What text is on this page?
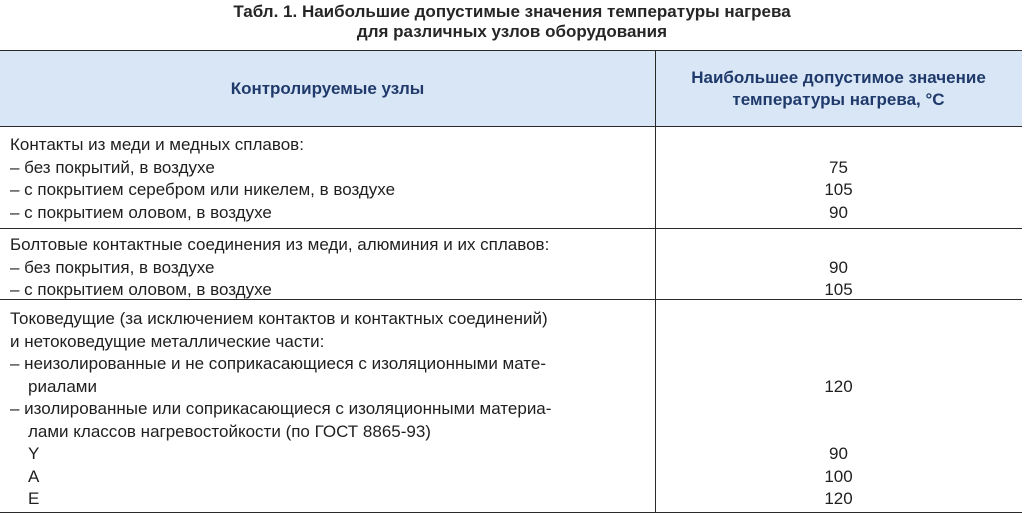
Табл. 1. Наибольшие допустимые значения температуры нагрева
для различных узлов оборудования
Контролируемые узлы
Наибольшее допустимое значение
температуры нагрева, °С
Контакты из меди и медных сплавов:
– без покрытий, в воздухе
– с покрытием серебром или никелем, в воздухе
– с покрытием оловом, в воздухе
75
105
90
Болтовые контактные соединения из меди, алюминия и их сплавов:
– без покрытия, в воздухе
– с покрытием оловом, в воздухе
90
105
Токоведущие (за исключением контактов и контактных соединений)
и нетоковедущие металлические части:
– неизолированные и не соприкасающиеся с изоляционными мате-
риалами
– изолированные или соприкасающиеся с изоляционными материа-
лами классов нагревостойкости (по ГОСТ 8865-93)
Y
A
E
120
90
100
120
